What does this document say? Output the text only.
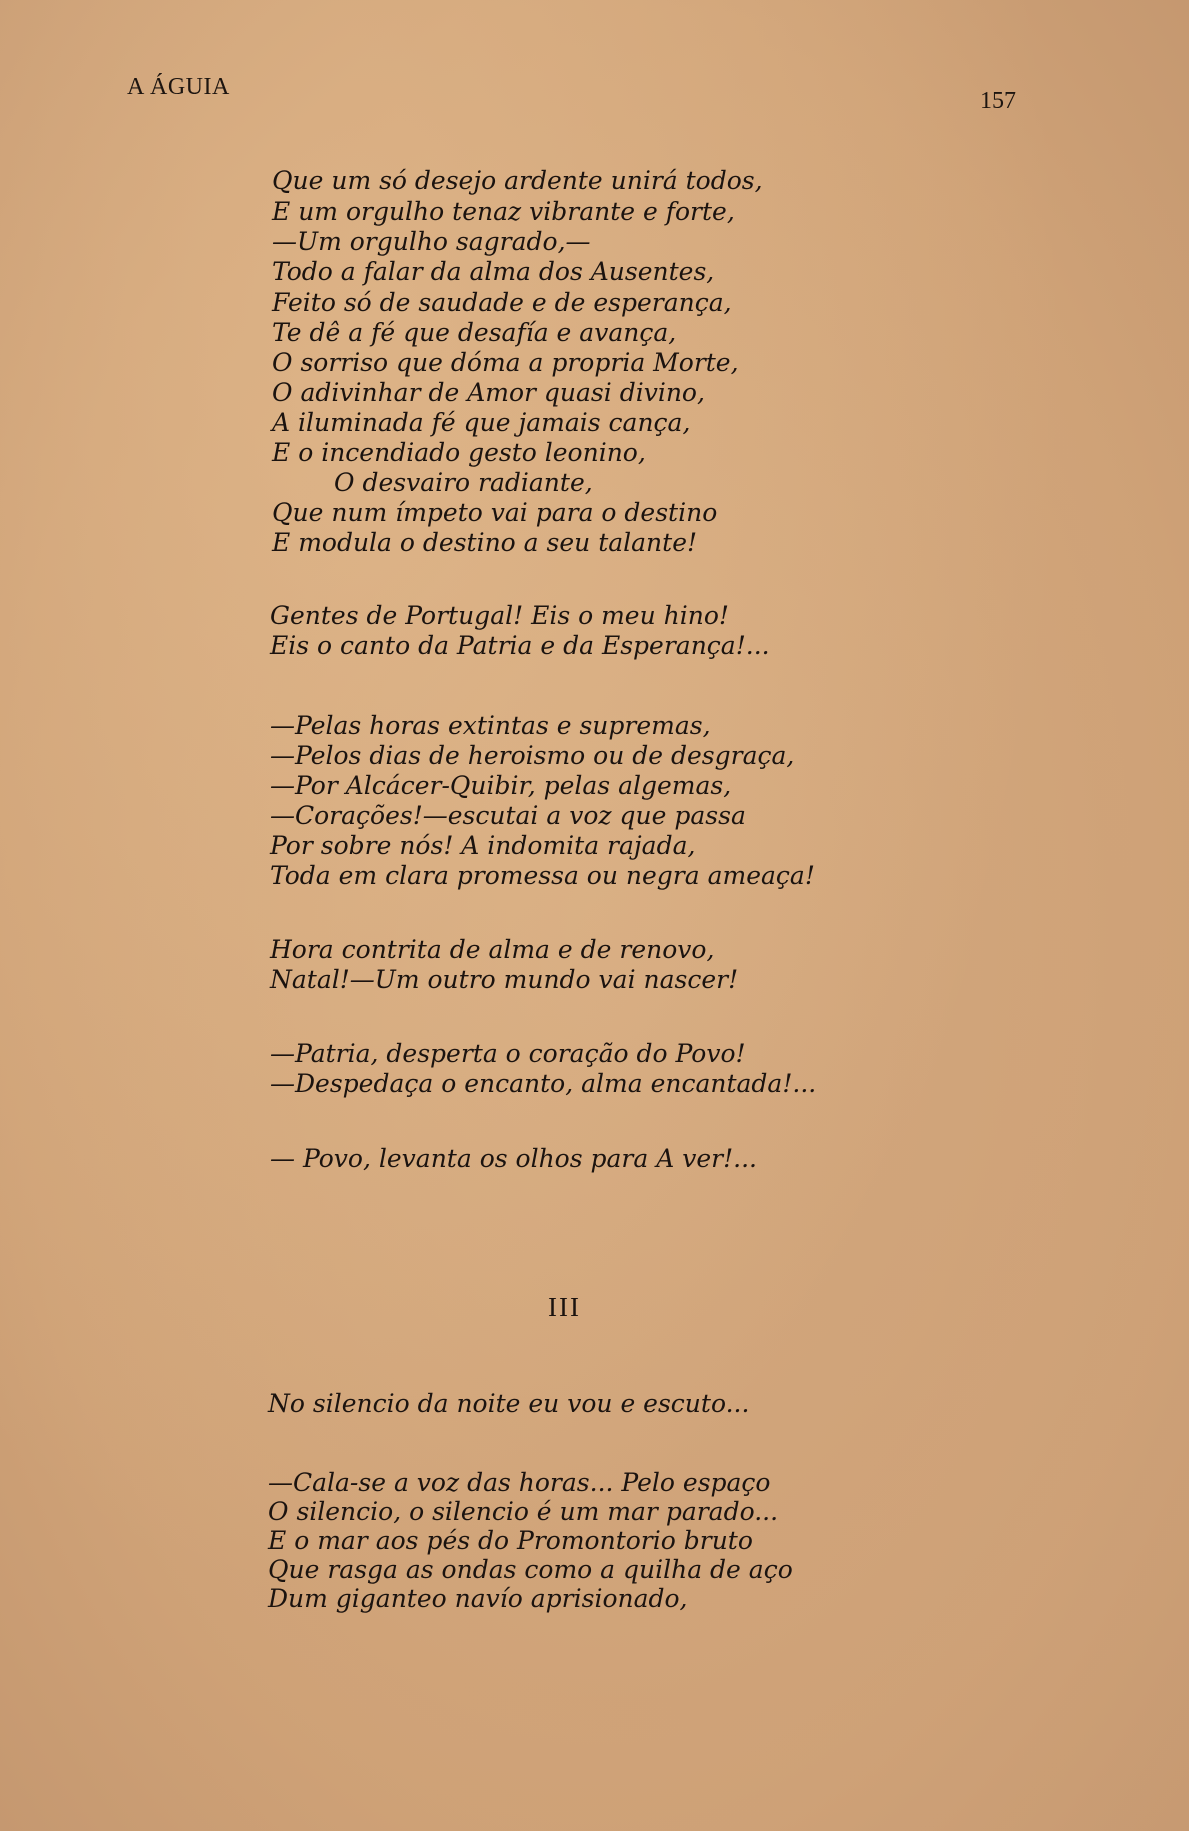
A ÁGUIA
157
Que um só desejo ardente unirá todos,
E um orgulho tenaz vibrante e forte,
—Um orgulho sagrado,—
Todo a falar da alma dos Ausentes,
Feito só de saudade e de esperança,
Te dê a fé que desafía e avança,
O sorriso que dóma a propria Morte,
O adivinhar de Amor quasi divino,
A iluminada fé que jamais cança,
E o incendiado gesto leonino,
O desvairo radiante,
Que num ímpeto vai para o destino
E modula o destino a seu talante!
Gentes de Portugal! Eis o meu hino!
Eis o canto da Patria e da Esperança!...
—Pelas horas extintas e supremas,
—Pelos dias de heroismo ou de desgraça,
—Por Alcácer-Quibir, pelas algemas,
—Corações!—escutai a voz que passa
Por sobre nós! A indomita rajada,
Toda em clara promessa ou negra ameaça!
Hora contrita de alma e de renovo,
Natal!—Um outro mundo vai nascer!
—Patria, desperta o coração do Povo!
—Despedaça o encanto, alma encantada!...
— Povo, levanta os olhos para A ver!...
III
No silencio da noite eu vou e escuto...
—Cala-se a voz das horas... Pelo espaço
O silencio, o silencio é um mar parado...
E o mar aos pés do Promontorio bruto
Que rasga as ondas como a quilha de aço
Dum giganteo navío aprisionado,
